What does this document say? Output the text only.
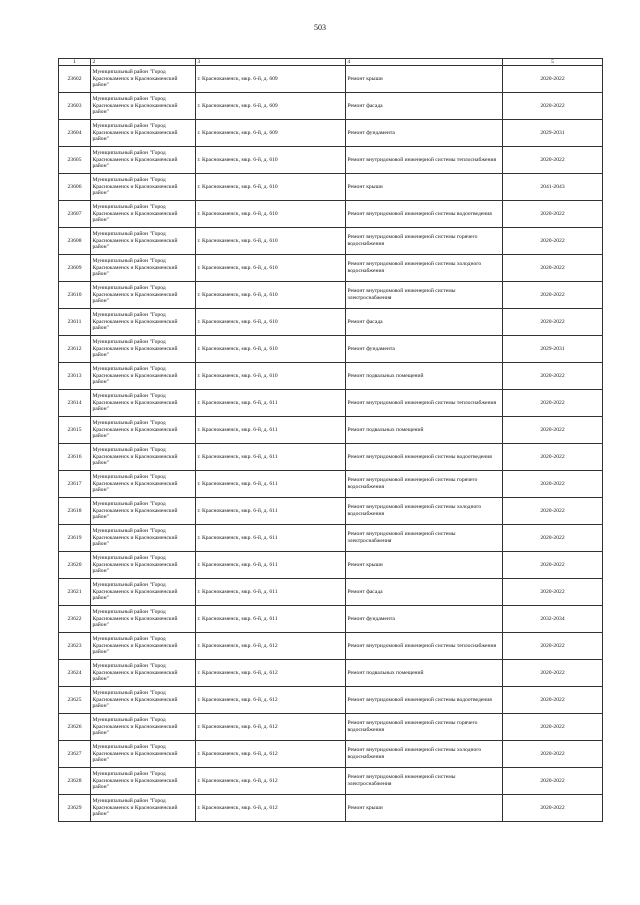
503
1	2	3	4	5
23602	Муниципальный район "Город Краснокаменск и Краснокаменский район"	г. Краснокаменск, мкр. 6-й, д. 609	Ремонт крыши	2020-2022
23603	Муниципальный район "Город Краснокаменск и Краснокаменский район"	г. Краснокаменск, мкр. 6-й, д. 609	Ремонт фасада	2020-2022
23604	Муниципальный район "Город Краснокаменск и Краснокаменский район"	г. Краснокаменск, мкр. 6-й, д. 609	Ремонт фундамента	2029-2031
23605	Муниципальный район "Город Краснокаменск и Краснокаменский район"	г. Краснокаменск, мкр. 6-й, д. 610	Ремонт внутридомовой инженерной системы теплоснабжения	2020-2022
23606	Муниципальный район "Город Краснокаменск и Краснокаменский район"	г. Краснокаменск, мкр. 6-й, д. 610	Ремонт крыши	2041-2043
23607	Муниципальный район "Город Краснокаменск и Краснокаменский район"	г. Краснокаменск, мкр. 6-й, д. 610	Ремонт внутридомовой инженерной системы водоотведения	2020-2022
23608	Муниципальный район "Город Краснокаменск и Краснокаменский район"	г. Краснокаменск, мкр. 6-й, д. 610	Ремонт внутридомовой инженерной системы горячего водоснабжения	2020-2022
23609	Муниципальный район "Город Краснокаменск и Краснокаменский район"	г. Краснокаменск, мкр. 6-й, д. 610	Ремонт внутридомовой инженерной системы холодного водоснабжения	2020-2022
23610	Муниципальный район "Город Краснокаменск и Краснокаменский район"	г. Краснокаменск, мкр. 6-й, д. 610	Ремонт внутридомовой инженерной системы электроснабжения	2020-2022
23611	Муниципальный район "Город Краснокаменск и Краснокаменский район"	г. Краснокаменск, мкр. 6-й, д. 610	Ремонт фасада	2020-2022
23612	Муниципальный район "Город Краснокаменск и Краснокаменский район"	г. Краснокаменск, мкр. 6-й, д. 610	Ремонт фундамента	2029-2031
23613	Муниципальный район "Город Краснокаменск и Краснокаменский район"	г. Краснокаменск, мкр. 6-й, д. 610	Ремонт подвальных помещений	2020-2022
23614	Муниципальный район "Город Краснокаменск и Краснокаменский район"	г. Краснокаменск, мкр. 6-й, д. 611	Ремонт внутридомовой инженерной системы теплоснабжения	2020-2022
23615	Муниципальный район "Город Краснокаменск и Краснокаменский район"	г. Краснокаменск, мкр. 6-й, д. 611	Ремонт подвальных помещений	2020-2022
23616	Муниципальный район "Город Краснокаменск и Краснокаменский район"	г. Краснокаменск, мкр. 6-й, д. 611	Ремонт внутридомовой инженерной системы водоотведения	2020-2022
23617	Муниципальный район "Город Краснокаменск и Краснокаменский район"	г. Краснокаменск, мкр. 6-й, д. 611	Ремонт внутридомовой инженерной системы горячего водоснабжения	2020-2022
23618	Муниципальный район "Город Краснокаменск и Краснокаменский район"	г. Краснокаменск, мкр. 6-й, д. 611	Ремонт внутридомовой инженерной системы холодного водоснабжения	2020-2022
23619	Муниципальный район "Город Краснокаменск и Краснокаменский район"	г. Краснокаменск, мкр. 6-й, д. 611	Ремонт внутридомовой инженерной системы электроснабжения	2020-2022
23620	Муниципальный район "Город Краснокаменск и Краснокаменский район"	г. Краснокаменск, мкр. 6-й, д. 611	Ремонт крыши	2020-2022
23621	Муниципальный район "Город Краснокаменск и Краснокаменский район"	г. Краснокаменск, мкр. 6-й, д. 611	Ремонт фасада	2020-2022
23622	Муниципальный район "Город Краснокаменск и Краснокаменский район"	г. Краснокаменск, мкр. 6-й, д. 611	Ремонт фундамента	2032-2034
23623	Муниципальный район "Город Краснокаменск и Краснокаменский район"	г. Краснокаменск, мкр. 6-й, д. 612	Ремонт внутридомовой инженерной системы теплоснабжения	2020-2022
23624	Муниципальный район "Город Краснокаменск и Краснокаменский район"	г. Краснокаменск, мкр. 6-й, д. 612	Ремонт подвальных помещений	2020-2022
23625	Муниципальный район "Город Краснокаменск и Краснокаменский район"	г. Краснокаменск, мкр. 6-й, д. 612	Ремонт внутридомовой инженерной системы водоотведения	2020-2022
23626	Муниципальный район "Город Краснокаменск и Краснокаменский район"	г. Краснокаменск, мкр. 6-й, д. 612	Ремонт внутридомовой инженерной системы горячего водоснабжения	2020-2022
23627	Муниципальный район "Город Краснокаменск и Краснокаменский район"	г. Краснокаменск, мкр. 6-й, д. 612	Ремонт внутридомовой инженерной системы холодного водоснабжения	2020-2022
23628	Муниципальный район "Город Краснокаменск и Краснокаменский район"	г. Краснокаменск, мкр. 6-й, д. 612	Ремонт внутридомовой инженерной системы электроснабжения	2020-2022
23629	Муниципальный район "Город Краснокаменск и Краснокаменский район"	г. Краснокаменск, мкр. 6-й, д. 612	Ремонт крыши	2020-2022
